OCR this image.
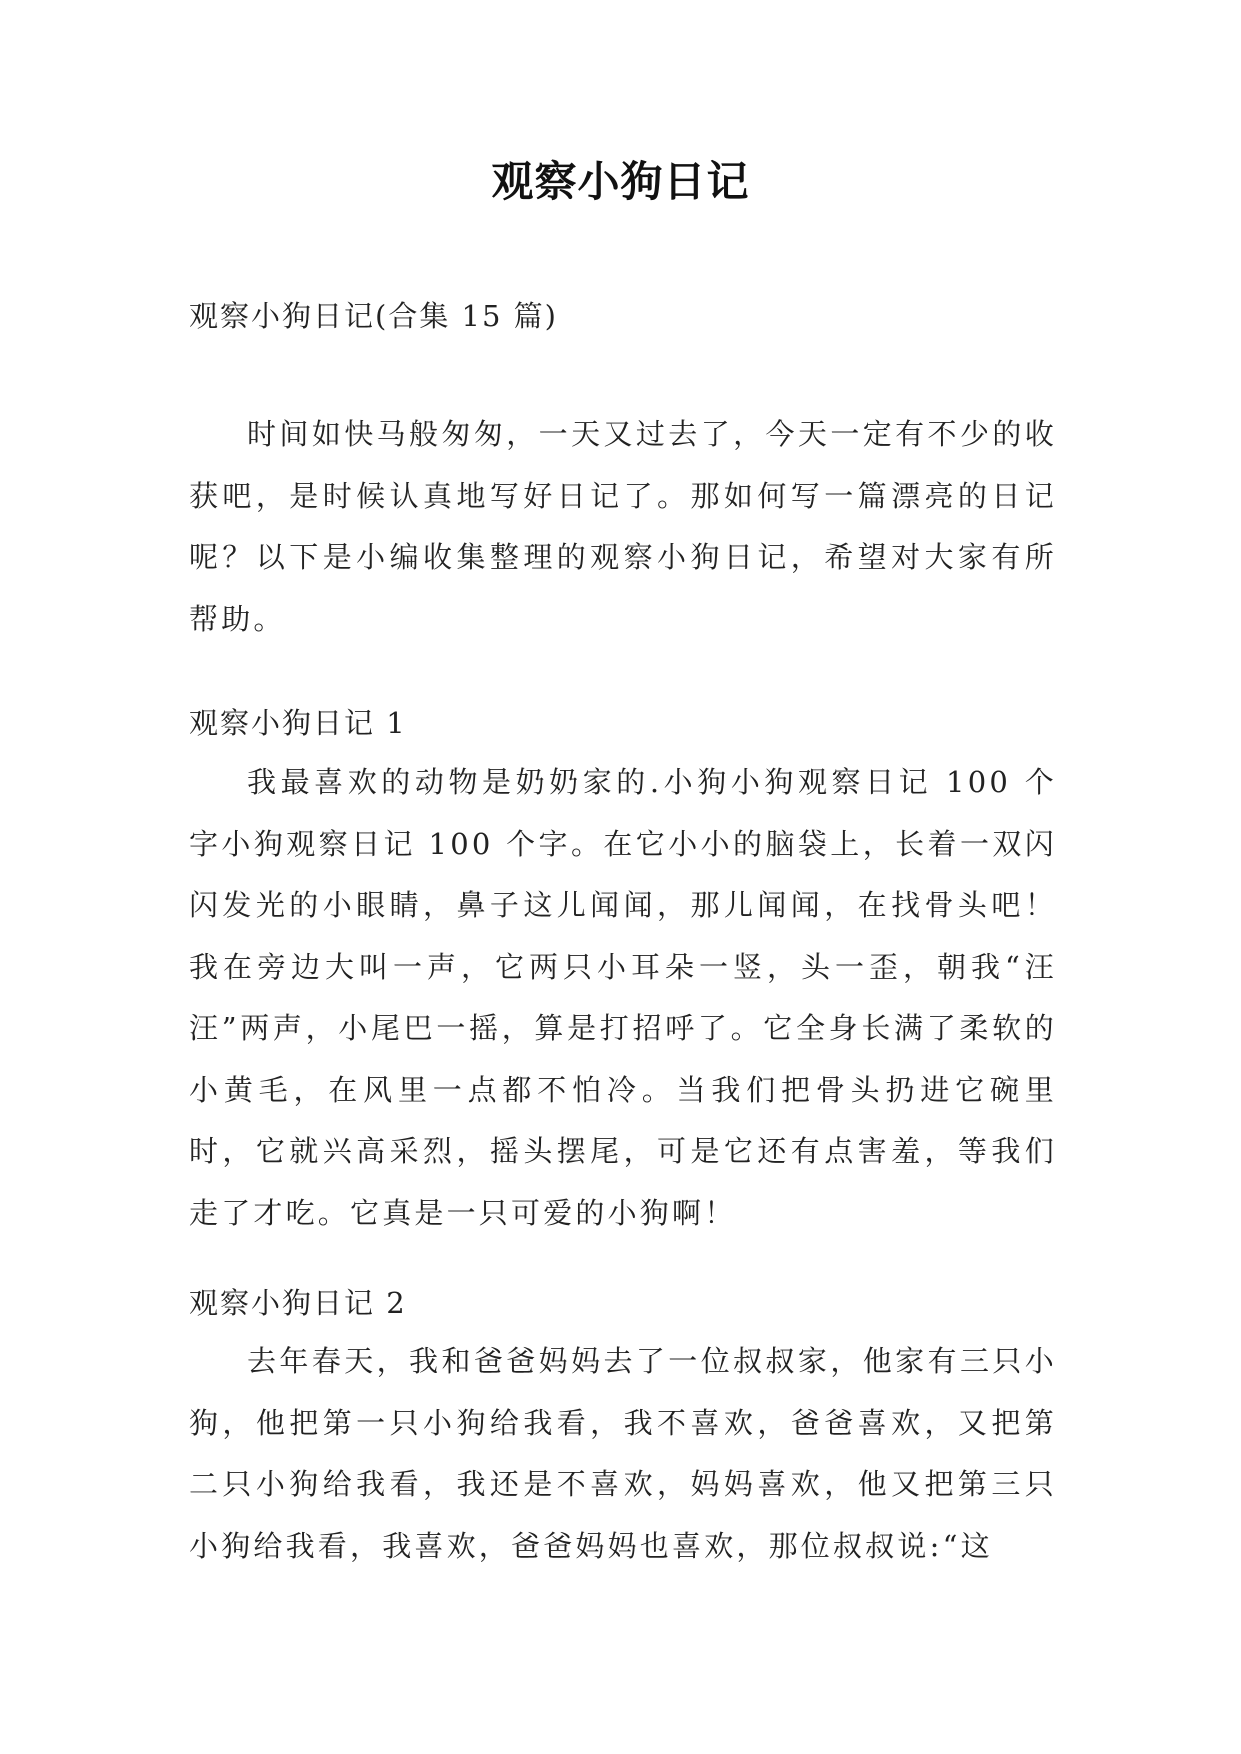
观察小狗日记
观察小狗日记(合集 15 篇)

时间如快马般匆匆，一天又过去了，今天一定有不少的收获吧，是时候认真地写好日记了。那如何写一篇漂亮的日记呢？以下是小编收集整理的观察小狗日记，希望对大家有所帮助。

观察小狗日记 1

我最喜欢的动物是奶奶家的.小狗小狗观察日记 100 个字小狗观察日记 100 个字。在它小小的脑袋上，长着一双闪闪发光的小眼睛，鼻子这儿闻闻，那儿闻闻，在找骨头吧！我在旁边大叫一声，它两只小耳朵一竖，头一歪，朝我“汪汪”两声，小尾巴一摇，算是打招呼了。它全身长满了柔软的小黄毛，在风里一点都不怕冷。当我们把骨头扔进它碗里时，它就兴高采烈，摇头摆尾，可是它还有点害羞，等我们走了才吃。它真是一只可爱的小狗啊！

观察小狗日记 2

去年春天，我和爸爸妈妈去了一位叔叔家，他家有三只小狗，他把第一只小狗给我看，我不喜欢，爸爸喜欢，又把第二只小狗给我看，我还是不喜欢，妈妈喜欢，他又把第三只小狗给我看，我喜欢，爸爸妈妈也喜欢，那位叔叔说:“这
